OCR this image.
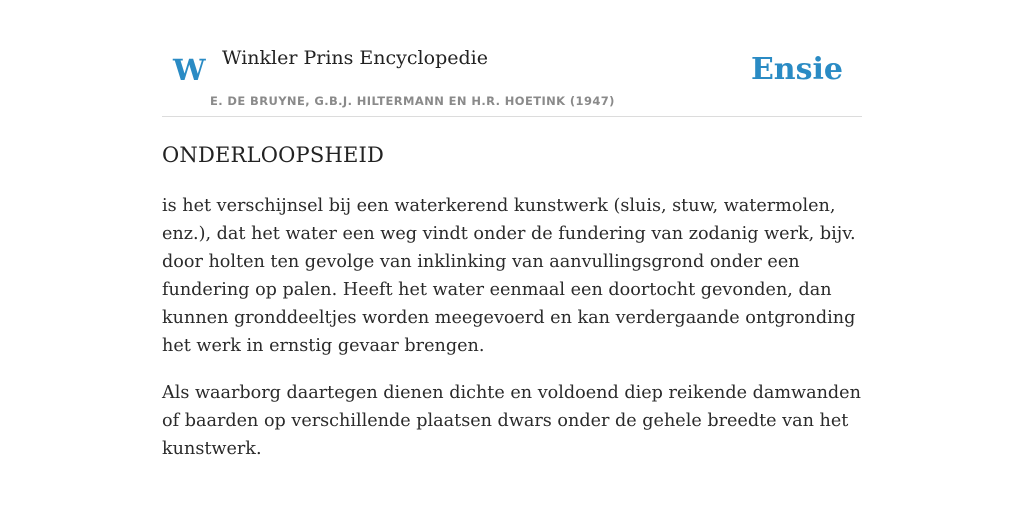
W Winkler Prins Encyclopedie
E. DE BRUYNE, G.B.J. HILTERMANN EN H.R. HOETINK (1947)
Ensie
ONDERLOOPSHEID

is het verschijnsel bij een waterkerend kunstwerk (sluis, stuw, watermolen, enz.), dat het water een weg vindt onder de fundering van zodanig werk, bijv. door holten ten gevolge van inklinking van aanvullingsgrond onder een fundering op palen. Heeft het water eenmaal een doortocht gevonden, dan kunnen gronddeeltjes worden meegevoerd en kan verdergaande ontgronding het werk in ernstig gevaar brengen.

Als waarborg daartegen dienen dichte en voldoend diep reikende damwanden of baarden op verschillende plaatsen dwars onder de gehele breedte van het kunstwerk.
